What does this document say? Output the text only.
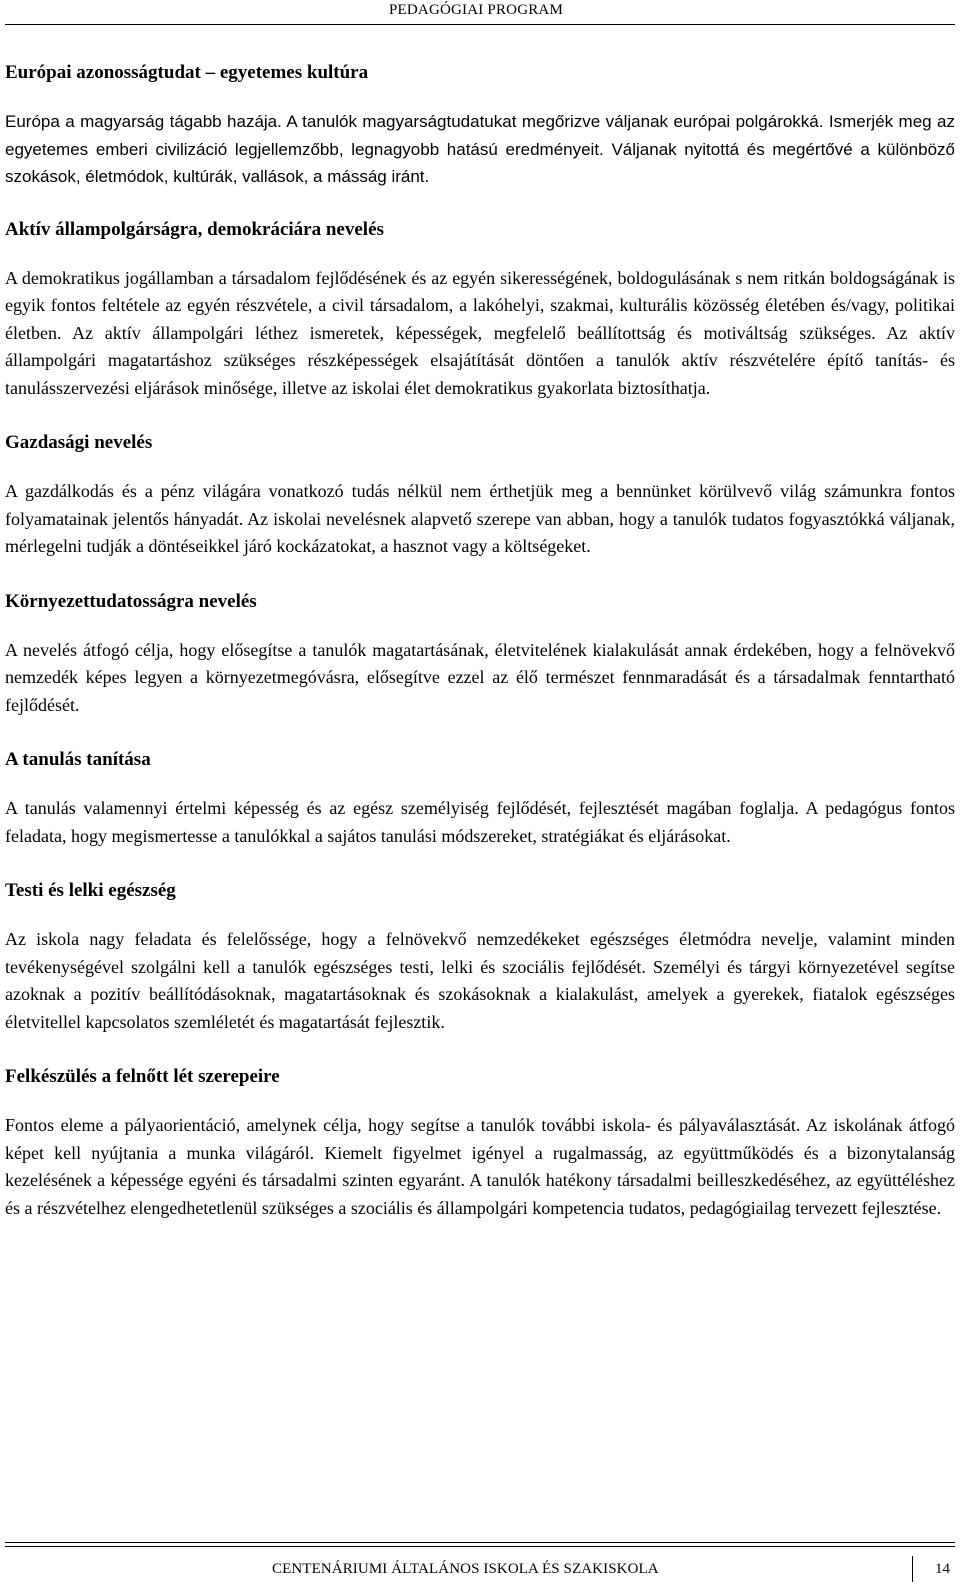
PEDAGÓGIAI PROGRAM
Európai azonosságtudat – egyetemes kultúra
Európa a magyarság tágabb hazája. A tanulók magyarságtudatukat megőrizve váljanak európai polgárokká. Ismerjék meg az egyetemes emberi civilizáció legjellemzőbb, legnagyobb hatású eredményeit. Váljanak nyitottá és megértővé a különböző szokások, életmódok, kultúrák, vallások, a másság iránt.
Aktív állampolgárságra, demokráciára nevelés
A demokratikus jogállamban a társadalom fejlődésének és az egyén sikerességének, boldogulásának s nem ritkán boldogságának is egyik fontos feltétele az egyén részvétele, a civil társadalom, a lakóhelyi, szakmai, kulturális közösség életében és/vagy, politikai életben. Az aktív állampolgári léthez ismeretek, képességek, megfelelő beállítottság és motiváltság szükséges. Az aktív állampolgári magatartáshoz szükséges részképességek elsajátítását döntően a tanulók aktív részvételére építő tanítás- és tanulásszervezési eljárások minősége, illetve az iskolai élet demokratikus gyakorlata biztosíthatja.
Gazdasági nevelés
A gazdálkodás és a pénz világára vonatkozó tudás nélkül nem érthetjük meg a bennünket körülvevő világ számunkra fontos folyamatainak jelentős hányadát. Az iskolai nevelésnek alapvető szerepe van abban, hogy a tanulók tudatos fogyasztókká váljanak, mérlegelni tudják a döntéseikkel járó kockázatokat, a hasznot vagy a költségeket.
Környezettudatosságra nevelés
A nevelés átfogó célja, hogy elősegítse a tanulók magatartásának, életvitelének kialakulását annak érdekében, hogy a felnövekvő nemzedék képes legyen a környezetmegóvásra, elősegítve ezzel az élő természet fennmaradását és a társadalmak fenntartható fejlődését.
A tanulás tanítása
A tanulás valamennyi értelmi képesség és az egész személyiség fejlődését, fejlesztését magában foglalja. A pedagógus fontos feladata, hogy megismertesse a tanulókkal a sajátos tanulási módszereket, stratégiákat és eljárásokat.
Testi és lelki egészség
Az iskola nagy feladata és felelőssége, hogy a felnövekvő nemzedékeket egészséges életmódra nevelje, valamint minden tevékenységével szolgálni kell a tanulók egészséges testi, lelki és szociális fejlődését. Személyi és tárgyi környezetével segítse azoknak a pozitív beállítódásoknak, magatartásoknak és szokásoknak a kialakulást, amelyek a gyerekek, fiatalok egészséges életvitellel kapcsolatos szemléletét és magatartását fejlesztik.
Felkészülés a felnőtt lét szerepeire
Fontos eleme a pályaorientáció, amelynek célja, hogy segítse a tanulók további iskola- és pályaválasztását. Az iskolának átfogó képet kell nyújtania a munka világáról. Kiemelt figyelmet igényel a rugalmasság, az együttműködés és a bizonytalanság kezelésének a képessége egyéni és társadalmi szinten egyaránt. A tanulók hatékony társadalmi beilleszkedéséhez, az együttéléshez és a részvételhez elengedhetetlenül szükséges a szociális és állampolgári kompetencia tudatos, pedagógiailag tervezett fejlesztése.
CENTENÁRIUMI ÁLTALÁNOS ISKOLA ÉS SZAKISKOLA	14
